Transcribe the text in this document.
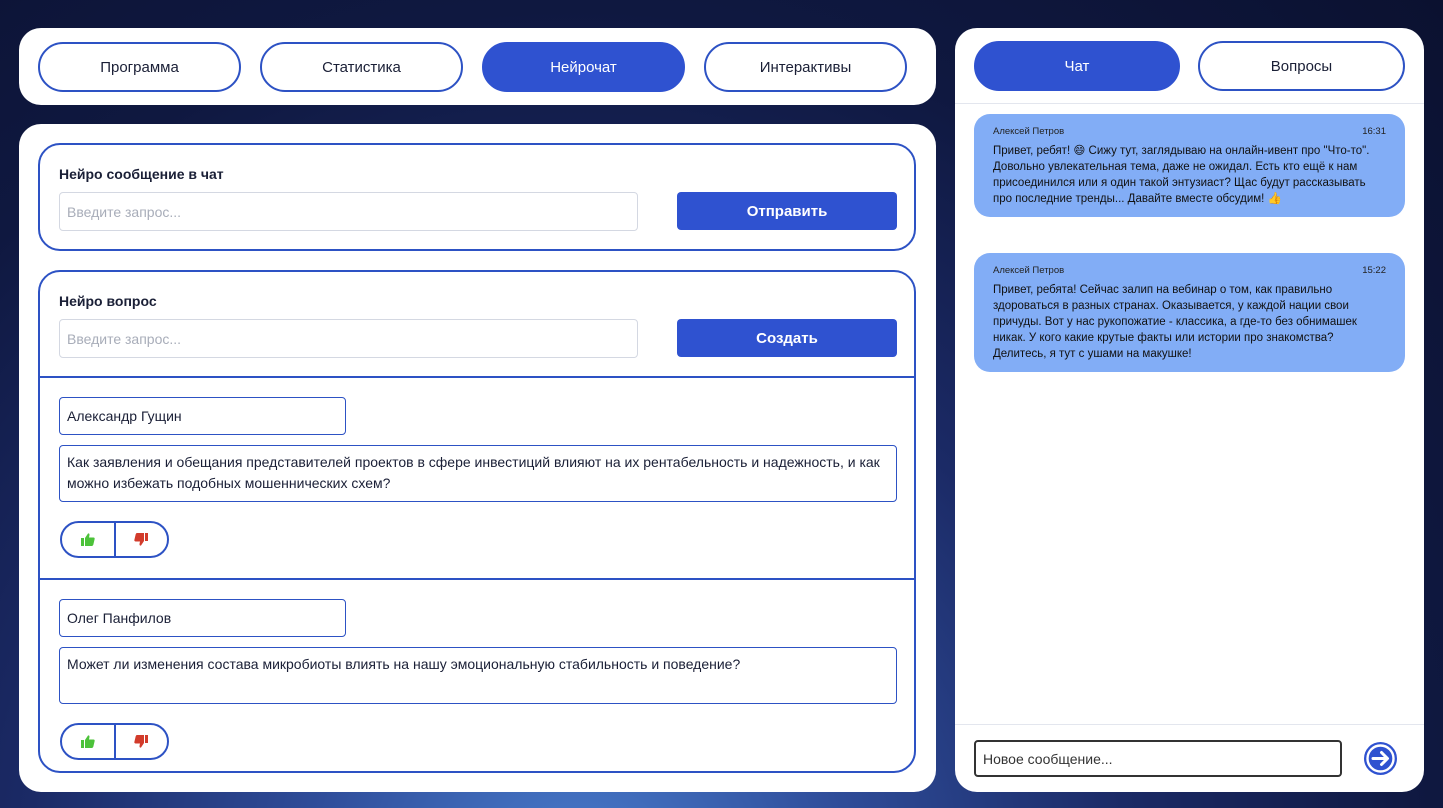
Программа	Статистика	Нейрочат	Интерактивы
Нейро сообщение в чат
Введите запрос...
Отправить
Нейро вопрос
Введите запрос...
Создать
Александр Гущин
Как заявления и обещания представителей проектов в сфере инвестиций влияют на их рентабельность и надежность, и как можно избежать подобных мошеннических схем?
Олег Панфилов
Может ли изменения состава микробиоты влиять на нашу эмоциональную стабильность и поведение?
Чат	Вопросы
Алексей Петров	16:31
Привет, ребят! 😄 Сижу тут, заглядываю на онлайн-ивент про "Что-то". Довольно увлекательная тема, даже не ожидал. Есть кто ещё к нам присоединился или я один такой энтузиаст? Щас будут рассказывать про последние тренды... Давайте вместе обсудим! 👍
Алексей Петров	15:22
Привет, ребята! Сейчас залип на вебинар о том, как правильно здороваться в разных странах. Оказывается, у каждой нации свои причуды. Вот у нас рукопожатие - классика, а где-то без обнимашек никак. У кого какие крутые факты или истории про знакомства? Делитесь, я тут с ушами на макушке!
Новое сообщение...
